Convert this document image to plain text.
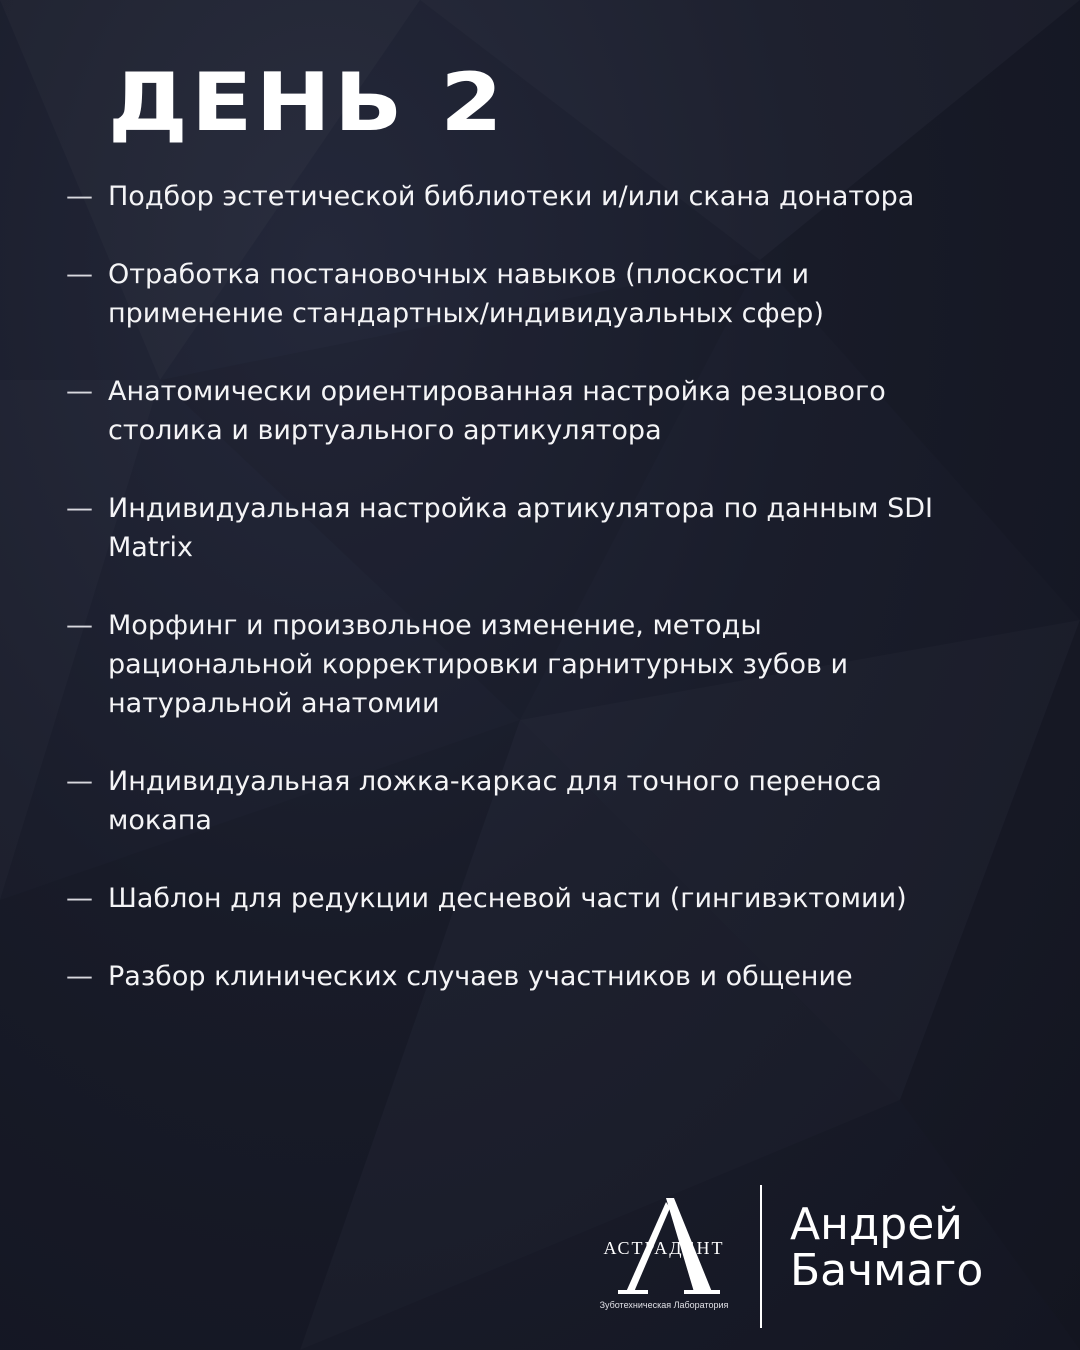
ДЕНЬ 2
— Подбор эстетической библиотеки и/или скана донатора
— Отработка постановочных навыков (плоскости и применение стандартных/индивидуальных сфер)
— Анатомически ориентированная настройка резцового столика и виртуального артикулятора
— Индивидуальная настройка артикулятора по данным SDI Matrix
— Морфинг и произвольное изменение, методы рациональной корректировки гарнитурных зубов и натуральной анатомии
— Индивидуальная ложка-каркас для точного переноса мокапа
— Шаблон для редукции десневой части (гингивэктомии)
— Разбор клинических случаев участников и общение
АСТРАДЕНТ
Зуботехническая Лаборатория
Андрей
Бачмаго
